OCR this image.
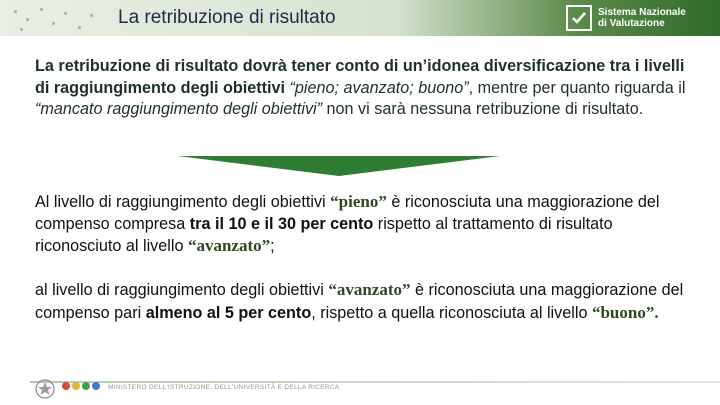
La retribuzione di risultato	Sistema Nazionale
di Valutazione
La retribuzione di risultato dovrà tener conto di un’idonea diversificazione tra i livelli di raggiungimento degli obiettivi “pieno; avanzato; buono”, mentre per quanto riguarda il “mancato raggiungimento degli obiettivi” non vi sarà nessuna retribuzione di risultato.
Al livello di raggiungimento degli obiettivi “pieno” è riconosciuta una maggiorazione del compenso compresa tra il 10 e il 30 per cento rispetto al trattamento di risultato riconosciuto al livello “avanzato”;
al livello di raggiungimento degli obiettivi “avanzato” è riconosciuta una maggiorazione del compenso pari almeno al 5 per cento, rispetto a quella riconosciuta al livello “buono”.
MINISTERO DELL'ISTRUZIONE, DELL'UNIVERSITÀ E DELLA RICERCA
